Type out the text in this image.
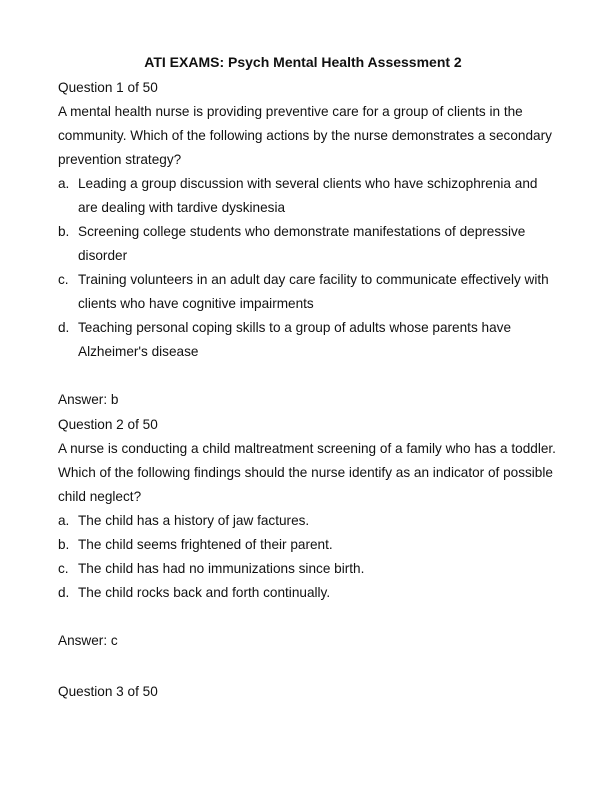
ATI EXAMS: Psych Mental Health Assessment 2
Question 1 of 50
A mental health nurse is providing preventive care for a group of clients in the community. Which of the following actions by the nurse demonstrates a secondary prevention strategy?
a. Leading a group discussion with several clients who have schizophrenia and are dealing with tardive dyskinesia
b. Screening college students who demonstrate manifestations of depressive disorder
c. Training volunteers in an adult day care facility to communicate effectively with clients who have cognitive impairments
d. Teaching personal coping skills to a group of adults whose parents have Alzheimer's disease
Answer: b
Question 2 of 50
A nurse is conducting a child maltreatment screening of a family who has a toddler. Which of the following findings should the nurse identify as an indicator of possible child neglect?
a. The child has a history of jaw factures.
b. The child seems frightened of their parent.
c. The child has had no immunizations since birth.
d. The child rocks back and forth continually.
Answer: c
Question 3 of 50
